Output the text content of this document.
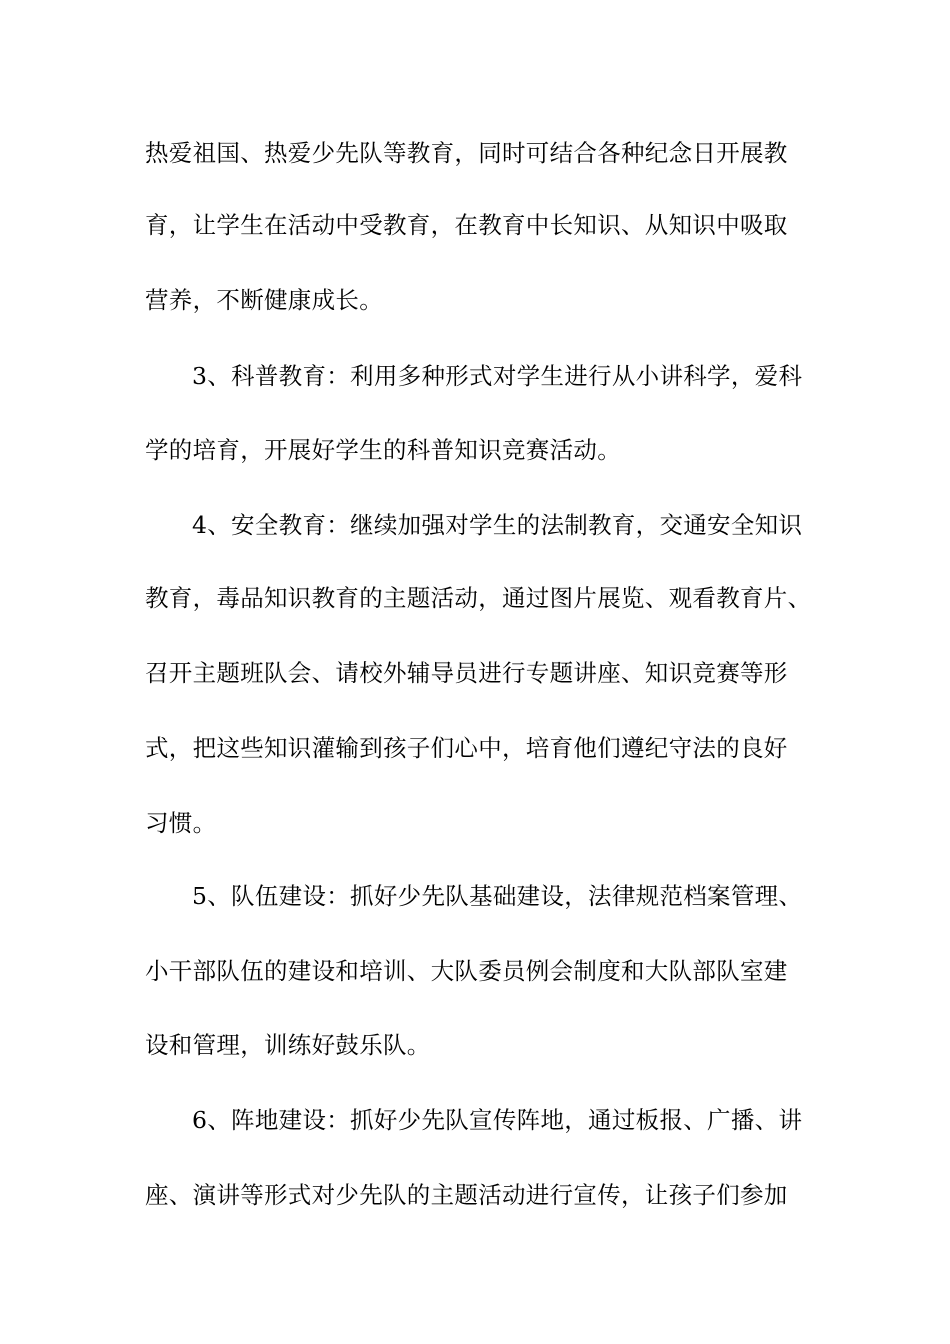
热爱祖国、热爱少先队等教育，同时可结合各种纪念日开展教
育，让学生在活动中受教育，在教育中长知识、从知识中吸取
营养，不断健康成长。
3、科普教育：利用多种形式对学生进行从小讲科学，爱科
学的培育，开展好学生的科普知识竞赛活动。
4、安全教育：继续加强对学生的法制教育，交通安全知识
教育，毒品知识教育的主题活动，通过图片展览、观看教育片、
召开主题班队会、请校外辅导员进行专题讲座、知识竞赛等形
式，把这些知识灌输到孩子们心中，培育他们遵纪守法的良好
习惯。
5、队伍建设：抓好少先队基础建设，法律规范档案管理、
小干部队伍的建设和培训、大队委员例会制度和大队部队室建
设和管理，训练好鼓乐队。
6、阵地建设：抓好少先队宣传阵地，通过板报、广播、讲
座、演讲等形式对少先队的主题活动进行宣传，让孩子们参加
